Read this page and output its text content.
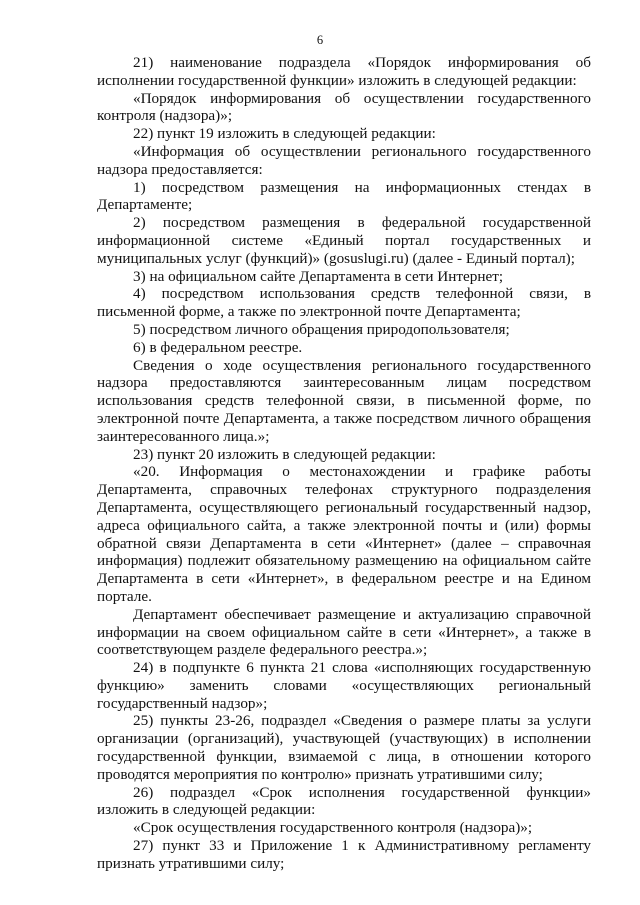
6

21) наименование подраздела «Порядок информирования об исполнении государственной функции» изложить в следующей редакции:

«Порядок информирования об осуществлении государственного контроля (надзора)»;

22) пункт 19 изложить в следующей редакции:

«Информация об осуществлении регионального государственного надзора предоставляется:

1) посредством размещения на информационных стендах в Департаменте;

2) посредством размещения в федеральной государственной информационной системе «Единый портал государственных и муниципальных услуг (функций)» (gosuslugi.ru) (далее - Единый портал);

3) на официальном сайте Департамента в сети Интернет;

4) посредством использования средств телефонной связи, в письменной форме, а также по электронной почте Департамента;

5) посредством личного обращения природопользователя;

6) в федеральном реестре.

Сведения о ходе осуществления регионального государственного надзора предоставляются заинтересованным лицам посредством использования средств телефонной связи, в письменной форме, по электронной почте Департамента, а также посредством личного обращения заинтересованного лица.»;

23) пункт 20 изложить в следующей редакции:

«20. Информация о местонахождении и графике работы Департамента, справочных телефонах структурного подразделения Департамента, осуществляющего региональный государственный надзор, адреса официального сайта, а также электронной почты и (или) формы обратной связи Департамента в сети «Интернет» (далее – справочная информация) подлежит обязательному размещению на официальном сайте Департамента в сети «Интернет», в федеральном реестре и на Едином портале.

Департамент обеспечивает размещение и актуализацию справочной информации на своем официальном сайте в сети «Интернет», а также в соответствующем разделе федерального реестра.»;

24) в подпункте 6 пункта 21 слова «исполняющих государственную функцию» заменить словами «осуществляющих региональный государственный надзор»;

25) пункты 23-26, подраздел «Сведения о размере платы за услуги организации (организаций), участвующей (участвующих) в исполнении государственной функции, взимаемой с лица, в отношении которого проводятся мероприятия по контролю» признать утратившими силу;

26) подраздел «Срок исполнения государственной функции» изложить в следующей редакции:

«Срок осуществления государственного контроля (надзора)»;

27) пункт 33 и Приложение 1 к Административному регламенту признать утратившими силу;
